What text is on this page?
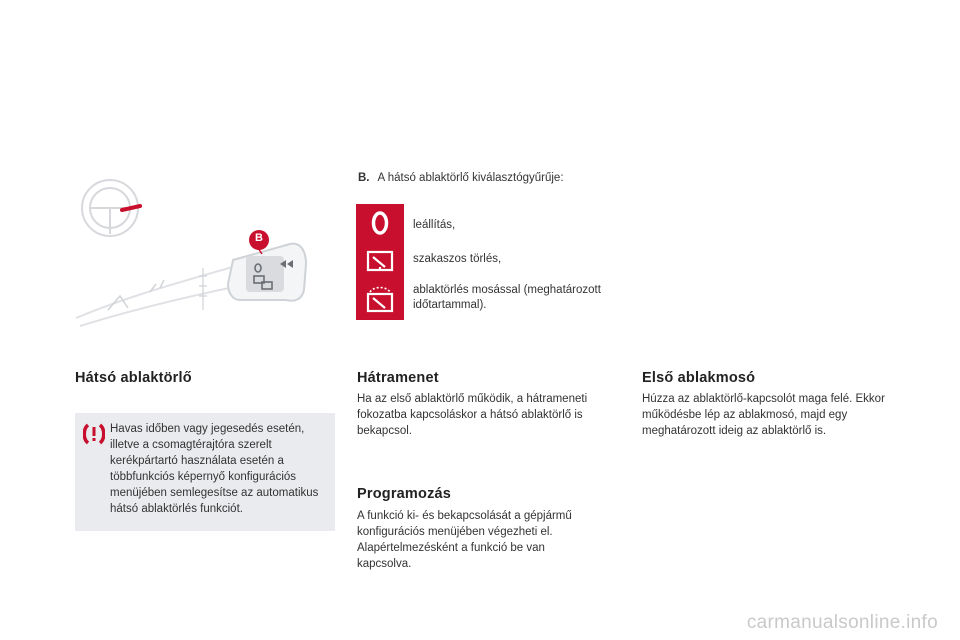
B
B. A hátsó ablaktörlő kiválasztógyűrűje:
leállítás,
szakaszos törlés,
ablaktörlés mosással (meghatározott időtartammal).
Hátsó ablaktörlő
Havas időben vagy jegesedés esetén, illetve a csomagtérajtóra szerelt kerékpártartó használata esetén a többfunkciós képernyő konfigurációs menüjében semlegesítse az automatikus hátsó ablaktörlés funkciót.
Hátramenet
Ha az első ablaktörlő működik, a hátrameneti fokozatba kapcsoláskor a hátsó ablaktörlő is bekapcsol.
Programozás
A funkció ki- és bekapcsolását a gépjármű konfigurációs menüjében végezheti el. Alapértelmezésként a funkció be van kapcsolva.
Első ablakmosó
Húzza az ablaktörlő-kapcsolót maga felé. Ekkor működésbe lép az ablakmosó, majd egy meghatározott ideig az ablaktörlő is.
carmanualsonline.info
